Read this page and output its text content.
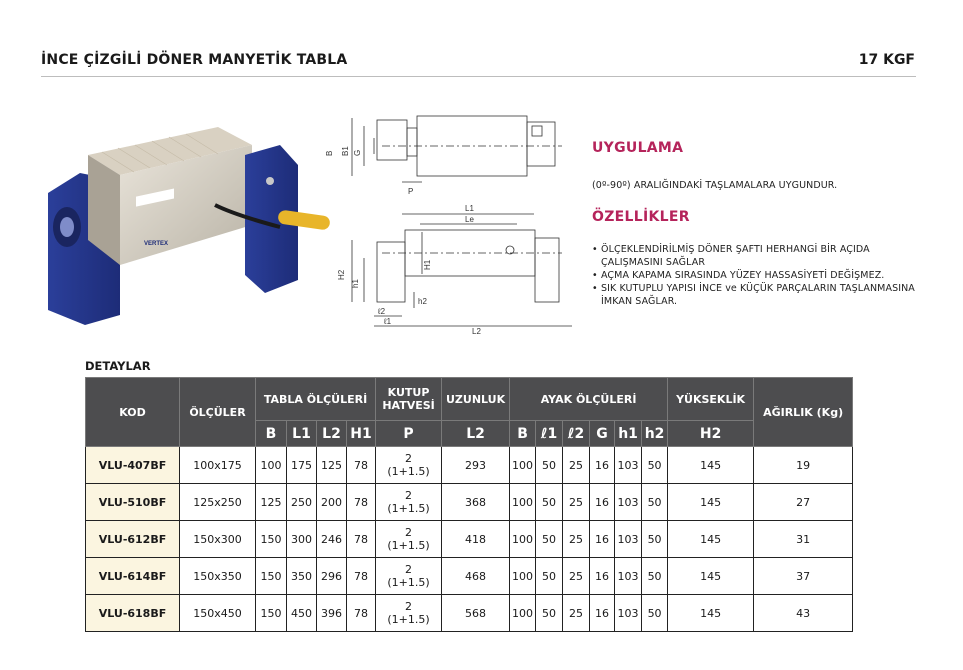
İNCE ÇİZGİLİ DÖNER MANYETİK TABLA	17 KGF
VERTEX
B B1 G
P
L1
Le
H2
H1
h1
h2
L2
ℓ2
ℓ1
UYGULAMA
(0º-90º) ARALIĞINDAKİ TAŞLAMALARA UYGUNDUR.
ÖZELLİKLER
• ÖLÇEKLENDİRİLMİŞ DÖNER ŞAFTI HERHANGİ BİR AÇIDA ÇALIŞMASINI SAĞLAR
• AÇMA KAPAMA SIRASINDA YÜZEY HASSASİYETİ DEĞİŞMEZ.
• SIK KUTUPLU YAPISI İNCE ve KÜÇÜK PARÇALARIN TAŞLANMASINA İMKAN SAĞLAR.
DETAYLAR
KOD	ÖLÇÜLER	TABLA ÖLÇÜLERİ				KUTUP HATVESİ	UZUNLUK	AYAK ÖLÇÜLERİ						YÜKSEKLİK	AĞIRLIK (Kg)
		B	L1	L2	H1	P	L2	B	ℓ1	ℓ2	G	h1	h2	H2	
VLU-407BF	100x175	100	175	125	78	2
(1+1.5)	293	100	50	25	16	103	50	145	19
VLU-510BF	125x250	125	250	200	78	2
(1+1.5)	368	100	50	25	16	103	50	145	27
VLU-612BF	150x300	150	300	246	78	2
(1+1.5)	418	100	50	25	16	103	50	145	31
VLU-614BF	150x350	150	350	296	78	2
(1+1.5)	468	100	50	25	16	103	50	145	37
VLU-618BF	150x450	150	450	396	78	2
(1+1.5)	568	100	50	25	16	103	50	145	43
